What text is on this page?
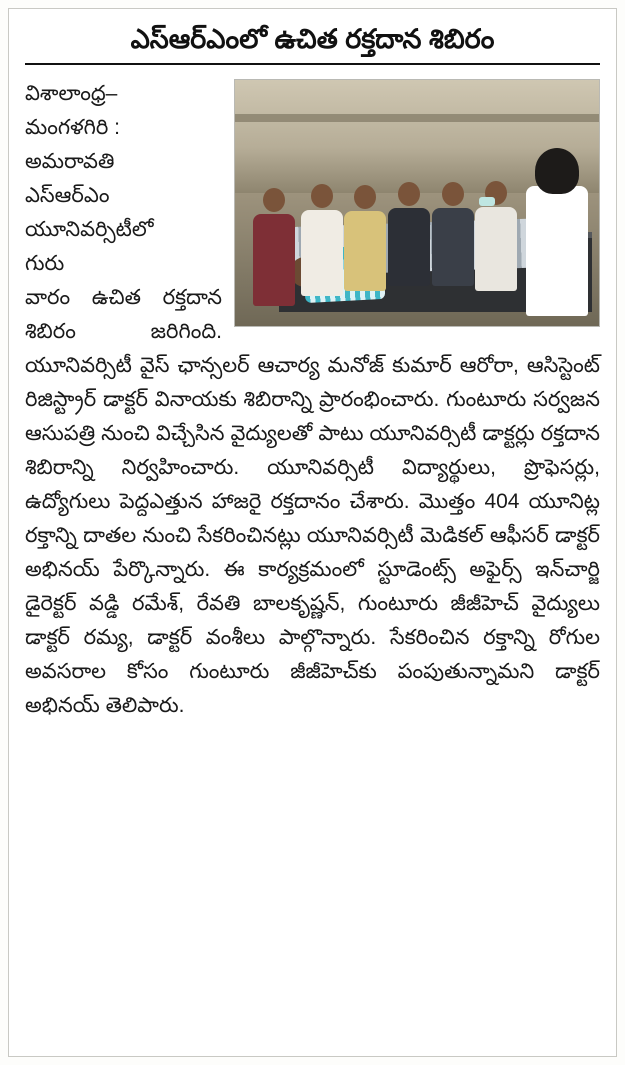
ఎస్‌ఆర్‌ఎంలో ఉచిత రక్తదాన శిబిరం

విశాలాంధ్ర– మంగళగిరి :
అమరావతి ఎస్‌ఆర్‌ఎం యూనివర్సిటీలో గురు

వారం ఉచిత రక్తదాన శిబిరం జరిగింది. యూనివర్సిటీ వైస్ ఛాన్సలర్ ఆచార్య మనోజ్ కుమార్ ఆరోరా, ఆసిస్టెంట్ రిజిస్ట్రార్ డాక్టర్ వినాయకు శిబిరాన్ని ప్రారంభించారు. గుంటూరు సర్వజన ఆసుపత్రి నుంచి విచ్చేసిన వైద్యులతో పాటు యూనివర్సిటీ డాక్టర్లు రక్తదాన శిబిరాన్ని నిర్వహించారు. యూనివర్సిటీ విద్యార్థులు, ప్రొఫెసర్లు, ఉద్యోగులు పెద్దఎత్తున హాజరై రక్తదానం చేశారు. మొత్తం 404 యూనిట్ల రక్తాన్ని దాతల నుంచి సేకరించినట్లు యూనివర్సిటీ మెడికల్ ఆఫీసర్ డాక్టర్ అభినయ్ పేర్కొన్నారు. ఈ కార్యక్రమంలో స్టూడెంట్స్ అఫైర్స్ ఇన్‌చార్జి డైరెక్టర్ వడ్డి రమేశ్, రేవతి బాలకృష్ణన్, గుంటూరు జీజీహెచ్ వైద్యులు డాక్టర్ రమ్య, డాక్టర్ వంశీలు పాల్గొన్నారు. సేకరించిన రక్తాన్ని రోగుల అవసరాల కోసం గుంటూరు జీజీహెచ్‌కు పంపుతున్నామని డాక్టర్ అభినయ్ తెలిపారు.
